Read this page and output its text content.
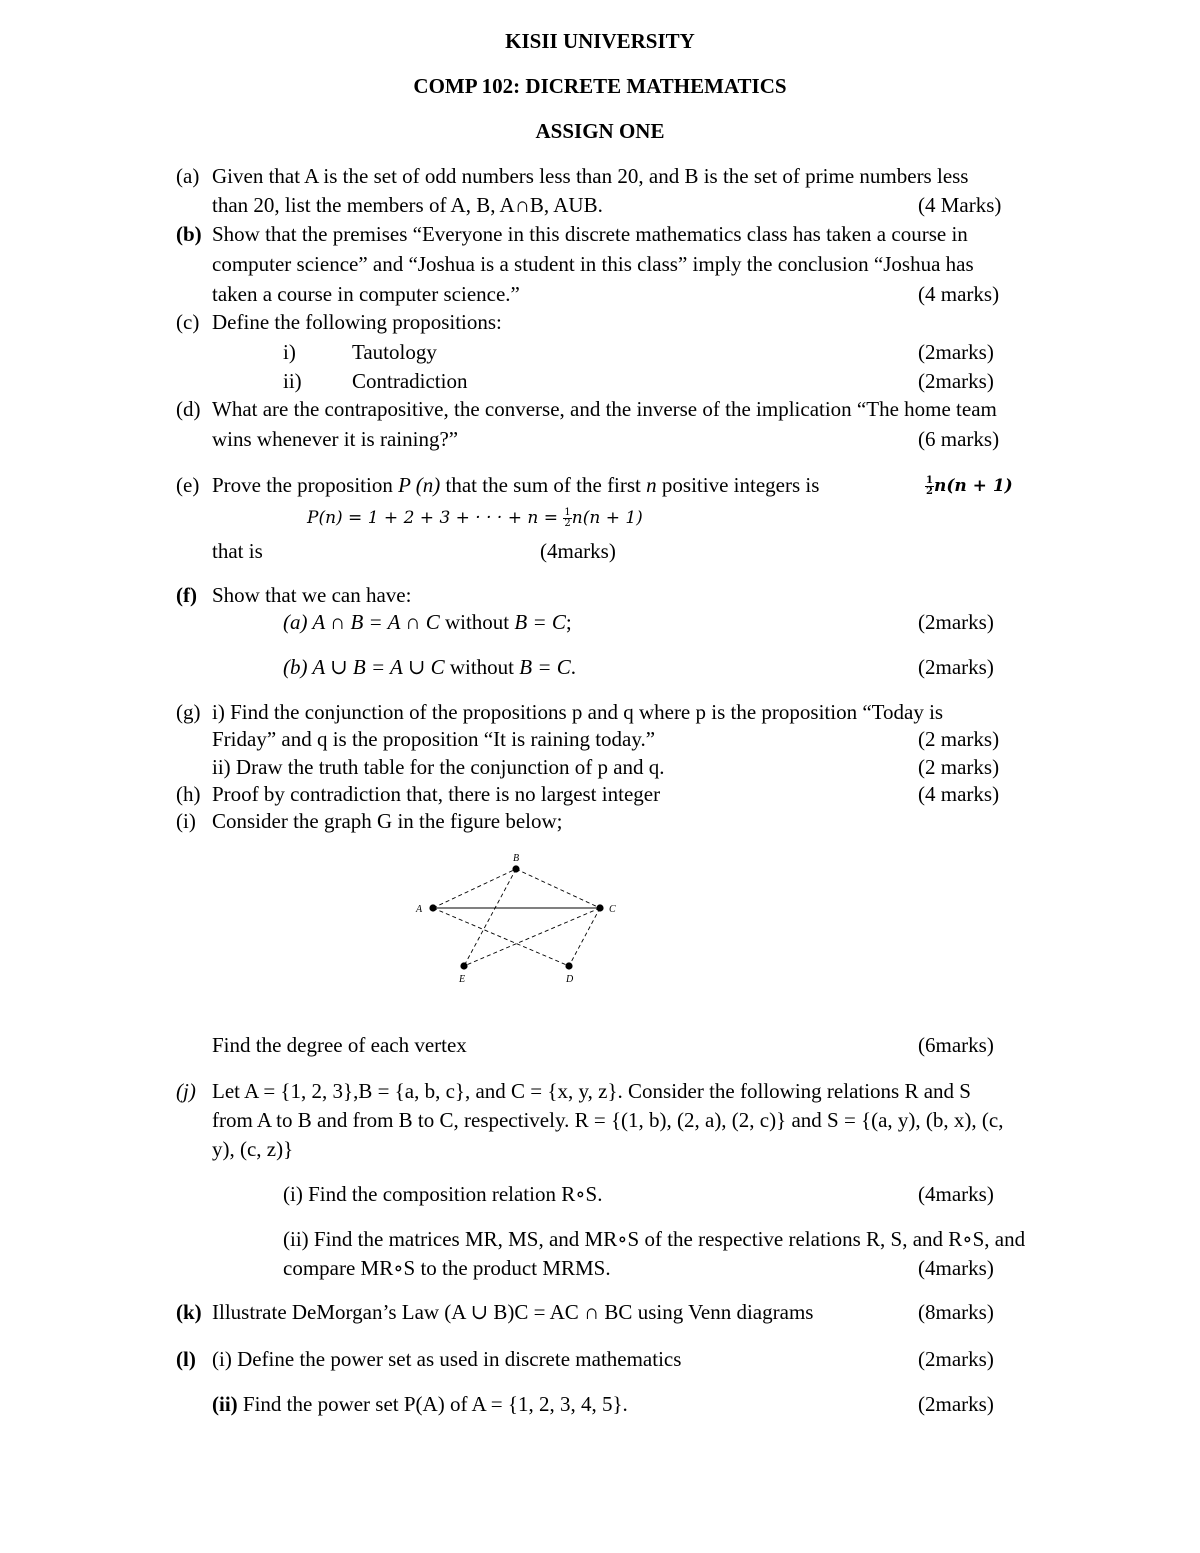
KISII UNIVERSITY
COMP 102: DICRETE MATHEMATICS
ASSIGN ONE
(a) Given that A is the set of odd numbers less than 20, and B is the set of prime numbers less
than 20, list the members of A, B, A∩B, AUB.	(4 Marks)
(b) Show that the premises “Everyone in this discrete mathematics class has taken a course in
computer science” and “Joshua is a student in this class” imply the conclusion “Joshua has
taken a course in computer science.”	(4 marks)
(c) Define the following propositions:
i)	Tautology	(2marks)
ii) Contradiction	(2marks)
(d) What are the contrapositive, the converse, and the inverse of the implication “The home team
wins whenever it is raining?”	(6 marks)
(e) Prove the proposition P (n) that the sum of the first n positive integers is	$\frac{1}{2} n(n + 1)$
P(n) = 1 + 2 + 3 + · · · + $n = \frac{1}{2} n(n + 1)$
that is	(4marks)
(f) Show that we can have:
(a) A ∩ B = A ∩ C without B = C;	(2marks)
(b) A ∪ B = A ∪ C without B = C.	(2marks)
(g) i) Find the conjunction of the propositions p and q where p is the proposition “Today is
Friday” and q is the proposition “It is raining today.”	(2 marks)
ii) Draw the truth table for the conjunction of p and q.	(2 marks)
(h) Proof by contradiction that, there is no largest integer	(4 marks)
(i) Consider the graph G in the figure below;
A
B
C
D
E
Find the degree of each vertex	(6marks)
(j) Let A = {1, 2, 3},B = {a, b, c}, and C = {x, y, z}. Consider the following relations R and S
from A to B and from B to C, respectively. R = {(1, b), (2, a), (2, c)} and S = {(a, y), (b, x), (c,
y), (c, z)}
(i) Find the composition relation R∘S.	(4marks)
(ii) Find the matrices MR, MS, and MR∘S of the respective relations R, S, and R∘S, and
compare MR∘S to the product MRMS.	(4marks)
(k) Illustrate DeMorgan’s Law (A ∪ B)C = AC ∩ BC using Venn diagrams	(8marks)
(l) (i) Define the power set as used in discrete mathematics	(2marks)
(ii) Find the power set P(A) of A = {1, 2, 3, 4, 5}.	(2marks)
